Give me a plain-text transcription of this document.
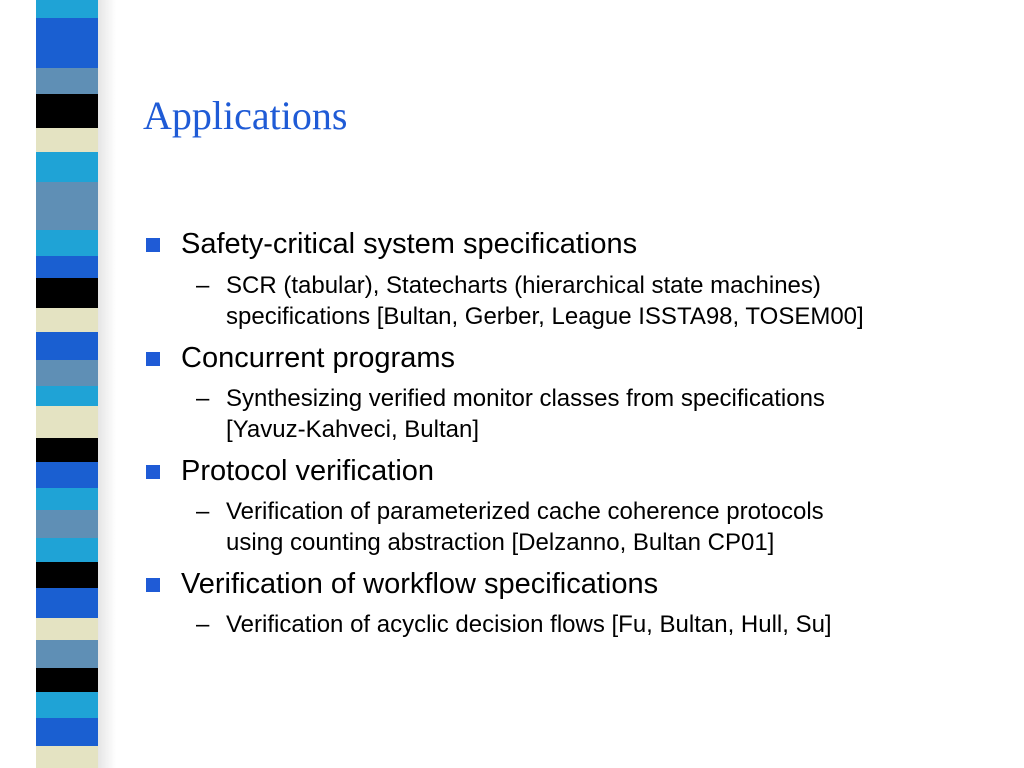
Applications
Safety-critical system specifications
– SCR (tabular), Statecharts (hierarchical state machines)
specifications [Bultan, Gerber, League ISSTA98, TOSEM00]
Concurrent programs
– Synthesizing verified monitor classes from specifications
[Yavuz-Kahveci, Bultan]
Protocol verification
– Verification of parameterized cache coherence protocols
using counting abstraction [Delzanno, Bultan CP01]
Verification of workflow specifications
– Verification of acyclic decision flows [Fu, Bultan, Hull, Su]
